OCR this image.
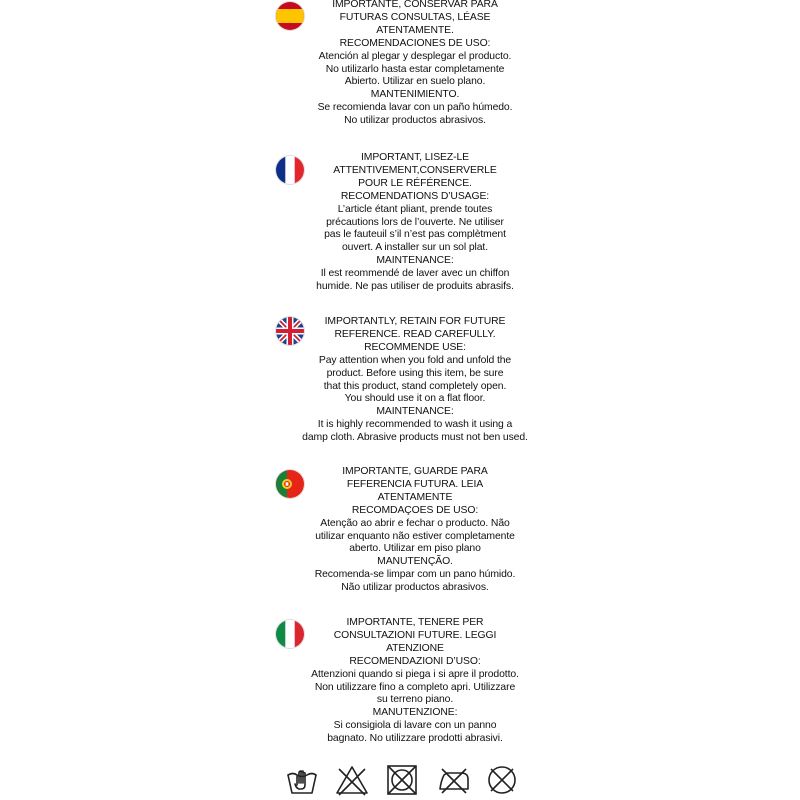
IMPORTANTE, CONSERVAR PARA
FUTURAS CONSULTAS, LÉASE
ATENTAMENTE.
RECOMENDACIONES DE USO:
Atención al plegar y desplegar el producto.
No utilizarlo hasta estar completamente
Abierto. Utilizar en suelo plano.
MANTENIMIENTO.
Se recomienda lavar con un paño húmedo.
No utilizar productos abrasivos.
IMPORTANT, LISEZ-LE
ATTENTIVEMENT,CONSERVERLE
POUR LE RÉFÉRENCE.
RECOMENDATIONS D’USAGE:
L’article étant pliant, prende toutes
précautions lors de l’ouverte. Ne utiliser
pas le fauteuil s’il n’est pas complètment
ouvert. A installer sur un sol plat.
MAINTENANCE:
Il est reommendé de laver avec un chiffon
humide. Ne pas utiliser de produits abrasifs.
IMPORTANTLY, RETAIN FOR FUTURE
REFERENCE. READ CAREFULLY.
RECOMMENDE USE:
Pay attention when you fold and unfold the
product. Before using this item, be sure
that this product, stand completely open.
You should use it on a flat floor.
MAINTENANCE:
It is highly recommended to wash it using a
damp cloth. Abrasive products must not ben used.
IMPORTANTE, GUARDE PARA
FEFERENCIA FUTURA. LEIA
ATENTAMENTE
RECOMDAÇOES DE USO:
Atenção ao abrir e fechar o producto. Não
utilizar enquanto não estiver completamente
aberto. Utilizar em piso plano
MANUTENÇÃO.
Recomenda-se limpar com un pano húmido.
Não utilizar productos abrasivos.
IMPORTANTE, TENERE PER
CONSULTAZIONI FUTURE. LEGGI
ATENZIONE
RECOMENDAZIONI D’USO:
Attenzioni quando si piega i si apre il prodotto.
Non utilizzare fino a completo apri. Utilizzare
su terreno piano.
MANUTENZIONE:
Si consigiola di lavare con un panno
bagnato. No utilizzare prodotti abrasivi.
